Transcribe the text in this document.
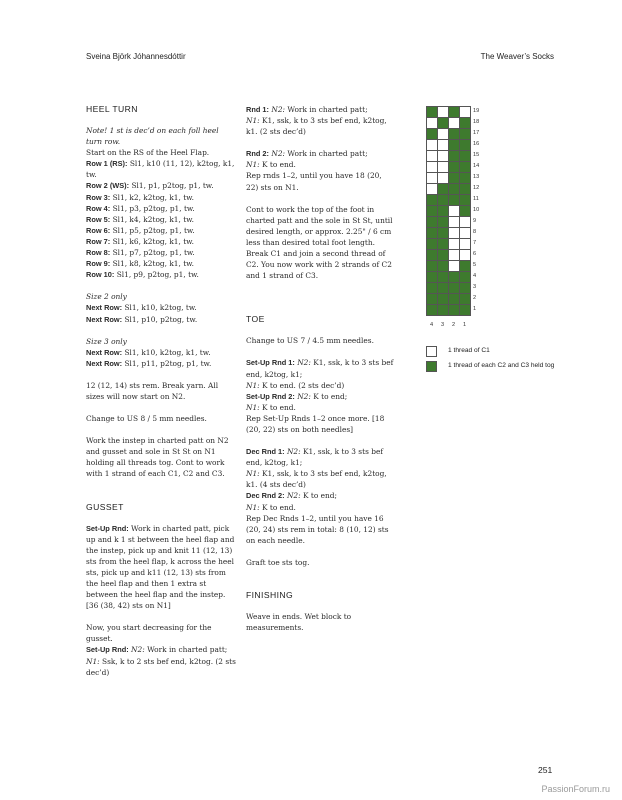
Sveina Björk Jóhannesdóttir	The Weaver’s Socks
HEEL TURN

Note! 1 st is dec’d on each foll heel turn row.

Start on the RS of the Heel Flap.

Row 1 (RS): Sl1, k10 (11, 12), k2tog, k1, tw.

Row 2 (WS): Sl1, p1, p2tog, p1, tw.

Row 3: Sl1, k2, k2tog, k1, tw.

Row 4: Sl1, p3, p2tog, p1, tw.

Row 5: Sl1, k4, k2tog, k1, tw.

Row 6: Sl1, p5, p2tog, p1, tw.

Row 7: Sl1, k6, k2tog, k1, tw.

Row 8: Sl1, p7, p2tog, p1, tw.

Row 9: Sl1, k8, k2tog, k1, tw.

Row 10: Sl1, p9, p2tog, p1, tw.

Size 2 only

Next Row: Sl1, k10, k2tog, tw.

Next Row: Sl1, p10, p2tog, tw.

Size 3 only

Next Row: Sl1, k10, k2tog, k1, tw.

Next Row: Sl1, p11, p2tog, p1, tw.

12 (12, 14) sts rem. Break yarn. All sizes will now start on N2.

Change to US 8 / 5 mm needles.

Work the instep in charted patt on N2 and gusset and sole in St St on N1 holding all threads tog. Cont to work with 1 strand of each C1, C2 and C3.

GUSSET

Set-Up Rnd: Work in charted patt, pick up and k 1 st between the heel flap and the instep, pick up and knit 11 (12, 13) sts from the heel flap, k across the heel sts, pick up and k11 (12, 13) sts from the heel flap and then 1 extra st between the heel flap and the instep. [36 (38, 42) sts on N1]

Now, you start decreasing for the gusset.

Set-Up Rnd: N2: Work in charted patt;

N1: Ssk, k to 2 sts bef end, k2tog. (2 sts dec’d)

Rnd 1: N2: Work in charted patt;

N1: K1, ssk, k to 3 sts bef end, k2tog, k1. (2 sts dec’d)

Rnd 2: N2: Work in charted patt;

N1: K to end.

Rep rnds 1–2, until you have 18 (20, 22) sts on N1.

Cont to work the top of the foot in charted patt and the sole in St St, until desired length, or approx. 2.25" / 6 cm less than desired total foot length. Break C1 and join a second thread of C2. You now work with 2 strands of C2 and 1 strand of C3.

TOE

Change to US 7 / 4.5 mm needles.

Set-Up Rnd 1: N2: K1, ssk, k to 3 sts bef end, k2tog, k1;

N1: K to end. (2 sts dec’d)

Set-Up Rnd 2: N2: K to end;

N1: K to end.

Rep Set-Up Rnds 1–2 once more. [18 (20, 22) sts on both needles]

Dec Rnd 1: N2: K1, ssk, k to 3 sts bef end, k2tog, k1;

N1: K1, ssk, k to 3 sts bef end, k2tog, k1. (4 sts dec’d)

Dec Rnd 2: N2: K to end;

N1: K to end.

Rep Dec Rnds 1–2, until you have 16 (20, 24) sts rem in total: 8 (10, 12) sts on each needle.

Graft toe sts tog.

FINISHING

Weave in ends. Wet block to measurements.

19
18
17
16
15
14
13
12
11
10
9
8
7
6
5
4
3
2
1
4	3	2	1
1 thread of C1
1 thread of each C2 and C3 held tog
251
PassionForum.ru
